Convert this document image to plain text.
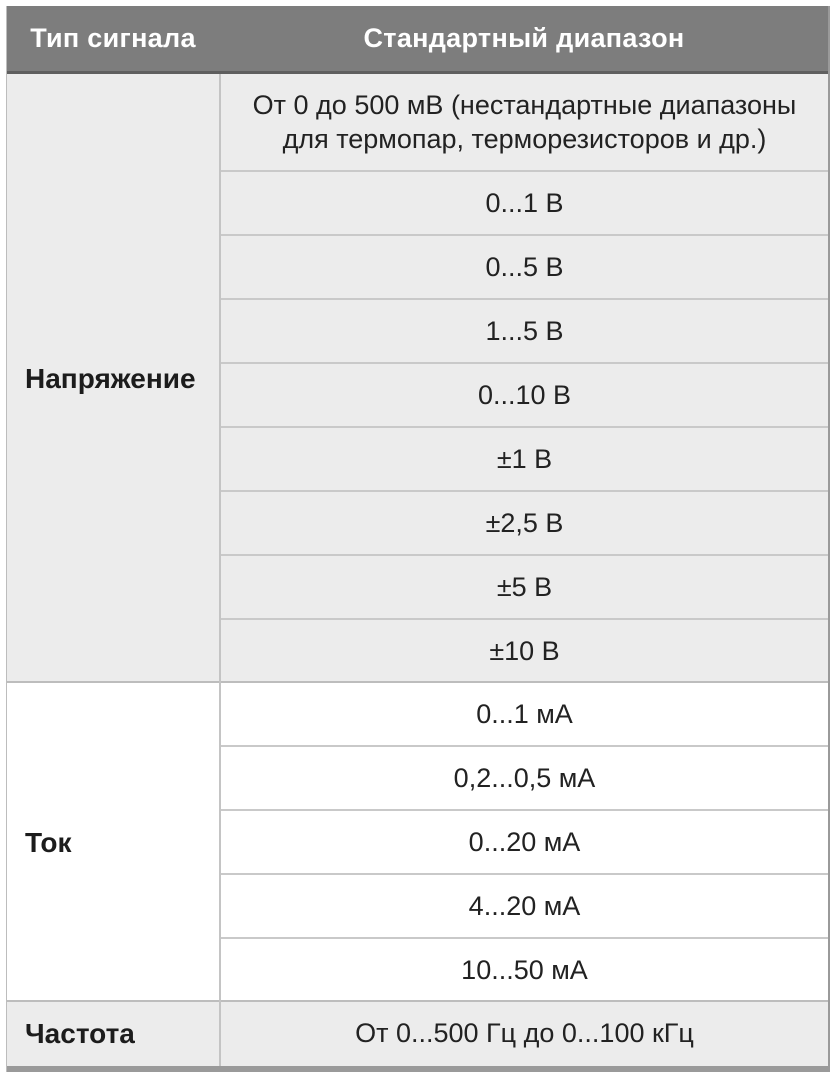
Тип сигнала	Стандартный диапазон
Напряжение
От 0 до 500 мВ (нестандартные диапазоны для термопар, терморезисторов и др.)
0...1 В
0...5 В
1...5 В
0...10 В
±1 В
±2,5 В
±5 В
±10 В
Ток
0...1 мА
0,2...0,5 мА
0...20 мА
4...20 мА
10...50 мА
Частота	От 0...500 Гц до 0...100 кГц
